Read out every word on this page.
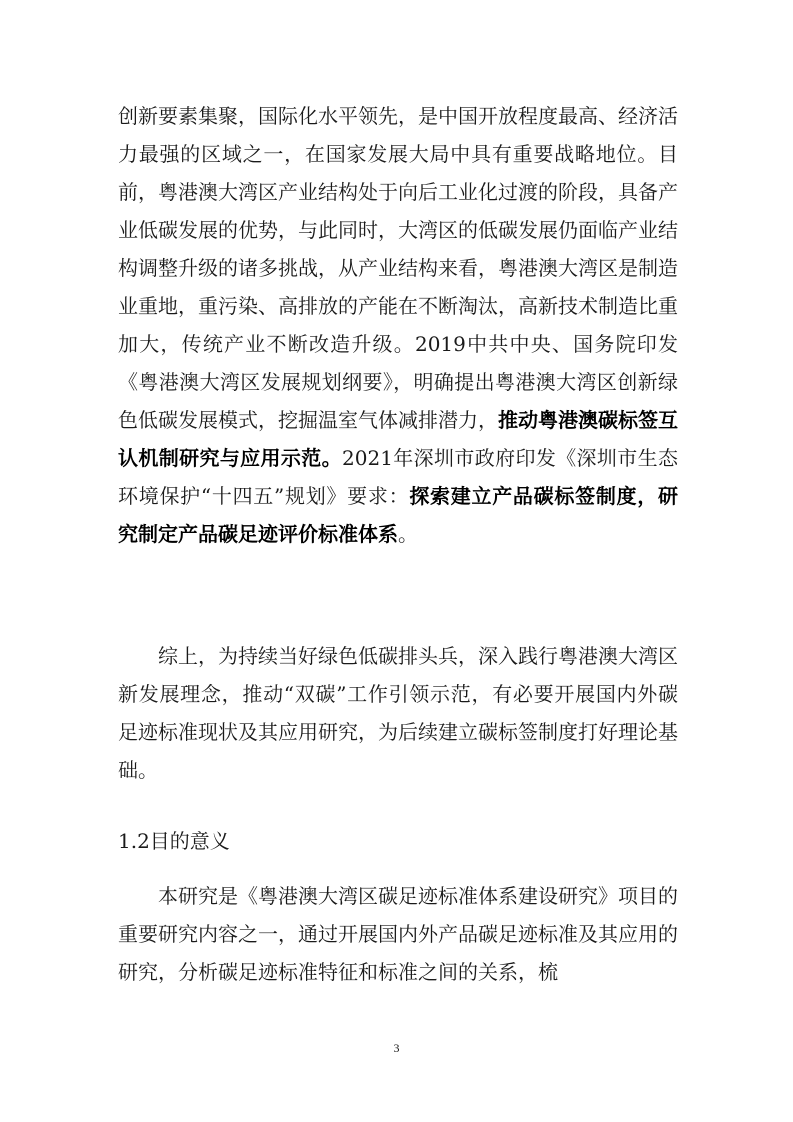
创新要素集聚，国际化水平领先，是中国开放程度最高、经济活力最强的区域之一，在国家发展大局中具有重要战略地位。目前，粤港澳大湾区产业结构处于向后工业化过渡的阶段，具备产业低碳发展的优势，与此同时，大湾区的低碳发展仍面临产业结构调整升级的诸多挑战，从产业结构来看，粤港澳大湾区是制造业重地，重污染、高排放的产能在不断淘汰，高新技术制造比重加大，传统产业不断改造升级。2019中共中央、国务院印发《粤港澳大湾区发展规划纲要》，明确提出粤港澳大湾区创新绿色低碳发展模式，挖掘温室气体减排潜力，推动粤港澳碳标签互认机制研究与应用示范。2021年深圳市政府印发《深圳市生态环境保护“十四五”规划》要求：探索建立产品碳标签制度，研究制定产品碳足迹评价标准体系。

综上，为持续当好绿色低碳排头兵，深入践行粤港澳大湾区新发展理念，推动“双碳”工作引领示范，有必要开展国内外碳足迹标准现状及其应用研究，为后续建立碳标签制度打好理论基础。

1.2目的意义

本研究是《粤港澳大湾区碳足迹标准体系建设研究》项目的重要研究内容之一，通过开展国内外产品碳足迹标准及其应用的研究，分析碳足迹标准特征和标准之间的关系，梳

3
